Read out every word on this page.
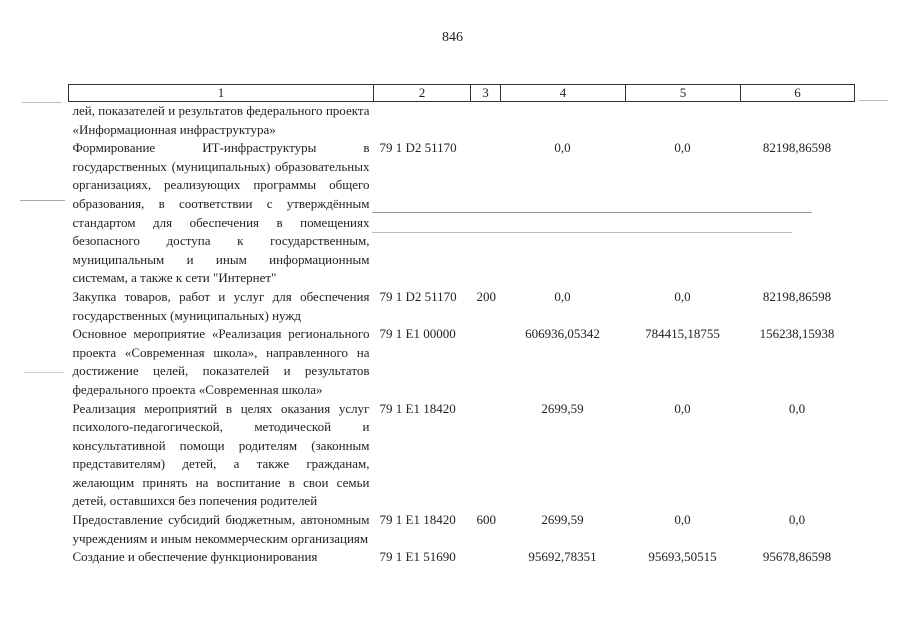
846
1	2	3	4	5	6
лей, показателей и результатов федерального проекта «Информационная инфраструктура»					
Формирование ИТ-инфраструктуры в государственных (муниципальных) образовательных организациях, реализующих программы общего образования, в соответствии с утверждённым стандартом для обеспечения в помещениях безопасного доступа к государственным, муниципальным и иным информационным системам, а также к сети "Интернет"	79 1 D2 51170		0,0	0,0	82198,86598
Закупка товаров, работ и услуг для обеспечения государственных (муниципальных) нужд	79 1 D2 51170	200	0,0	0,0	82198,86598
Основное мероприятие «Реализация регионального проекта «Современная школа», направленного на достижение целей, показателей и результатов федерального проекта «Современная школа»	79 1 E1 00000		606936,05342	784415,18755	156238,15938
Реализация мероприятий в целях оказания услуг психолого-педагогической, методической и консультативной помощи родителям (законным представителям) детей, а также гражданам, желающим принять на воспитание в свои семьи детей, оставшихся без попечения родителей	79 1 E1 18420		2699,59	0,0	0,0
Предоставление субсидий бюджетным, автономным учреждениям и иным некоммерческим организациям	79 1 E1 18420	600	2699,59	0,0	0,0
Создание и обеспечение функционирования	79 1 E1 51690		95692,78351	95693,50515	95678,86598
